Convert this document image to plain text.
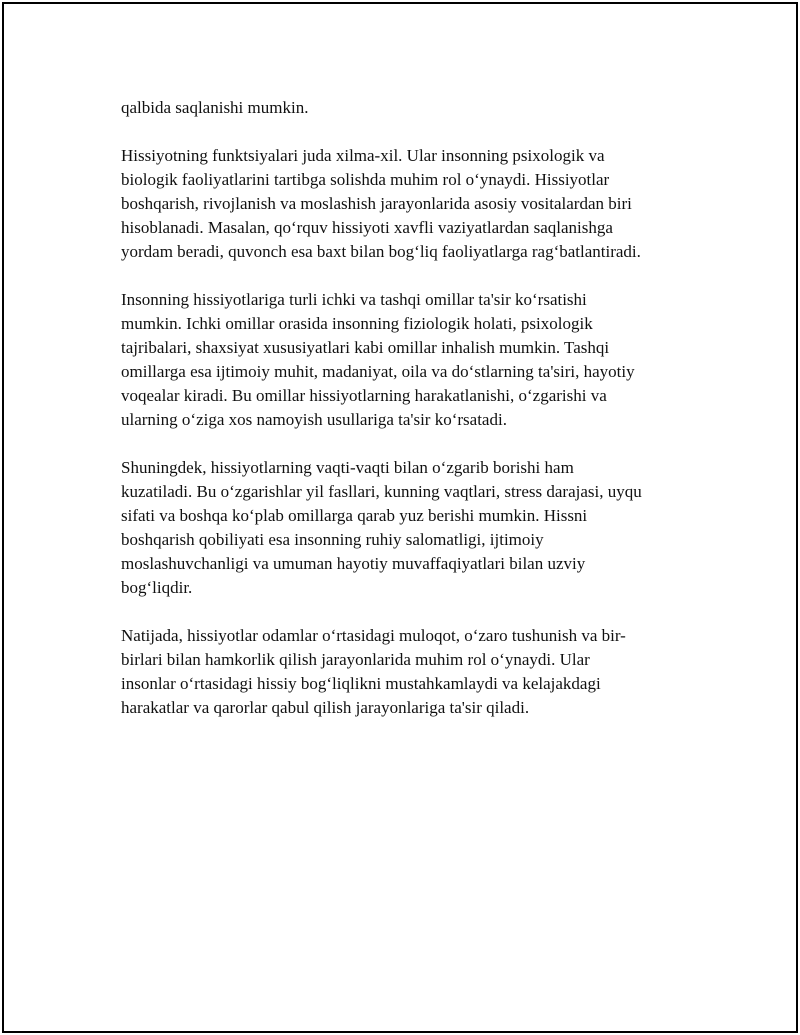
qalbida saqlanishi mumkin.

Hissiyotning funktsiyalari juda xilma-xil. Ular insonning psixologik va
biologik faoliyatlarini tartibga solishda muhim rol oʻynaydi. Hissiyotlar
boshqarish, rivojlanish va moslashish jarayonlarida asosiy vositalardan biri
hisoblanadi. Masalan, qoʻrquv hissiyoti xavfli vaziyatlardan saqlanishga
yordam beradi, quvonch esa baxt bilan bogʻliq faoliyatlarga ragʻbatlantiradi.

Insonning hissiyotlariga turli ichki va tashqi omillar ta'sir koʻrsatishi
mumkin. Ichki omillar orasida insonning fiziologik holati, psixologik
tajribalari, shaxsiyat xususiyatlari kabi omillar inhalish mumkin. Tashqi
omillarga esa ijtimoiy muhit, madaniyat, oila va doʻstlarning ta'siri, hayotiy
voqealar kiradi. Bu omillar hissiyotlarning harakatlanishi, oʻzgarishi va
ularning oʻziga xos namoyish usullariga ta'sir koʻrsatadi.

Shuningdek, hissiyotlarning vaqti-vaqti bilan oʻzgarib borishi ham
kuzatiladi. Bu oʻzgarishlar yil fasllari, kunning vaqtlari, stress darajasi, uyqu
sifati va boshqa koʻplab omillarga qarab yuz berishi mumkin. Hissni
boshqarish qobiliyati esa insonning ruhiy salomatligi, ijtimoiy
moslashuvchanligi va umuman hayotiy muvaffaqiyatlari bilan uzviy
bogʻliqdir.

Natijada, hissiyotlar odamlar oʻrtasidagi muloqot, oʻzaro tushunish va bir-
birlari bilan hamkorlik qilish jarayonlarida muhim rol oʻynaydi. Ular
insonlar oʻrtasidagi hissiy bogʻliqlikni mustahkamlaydi va kelajakdagi
harakatlar va qarorlar qabul qilish jarayonlariga ta'sir qiladi.
